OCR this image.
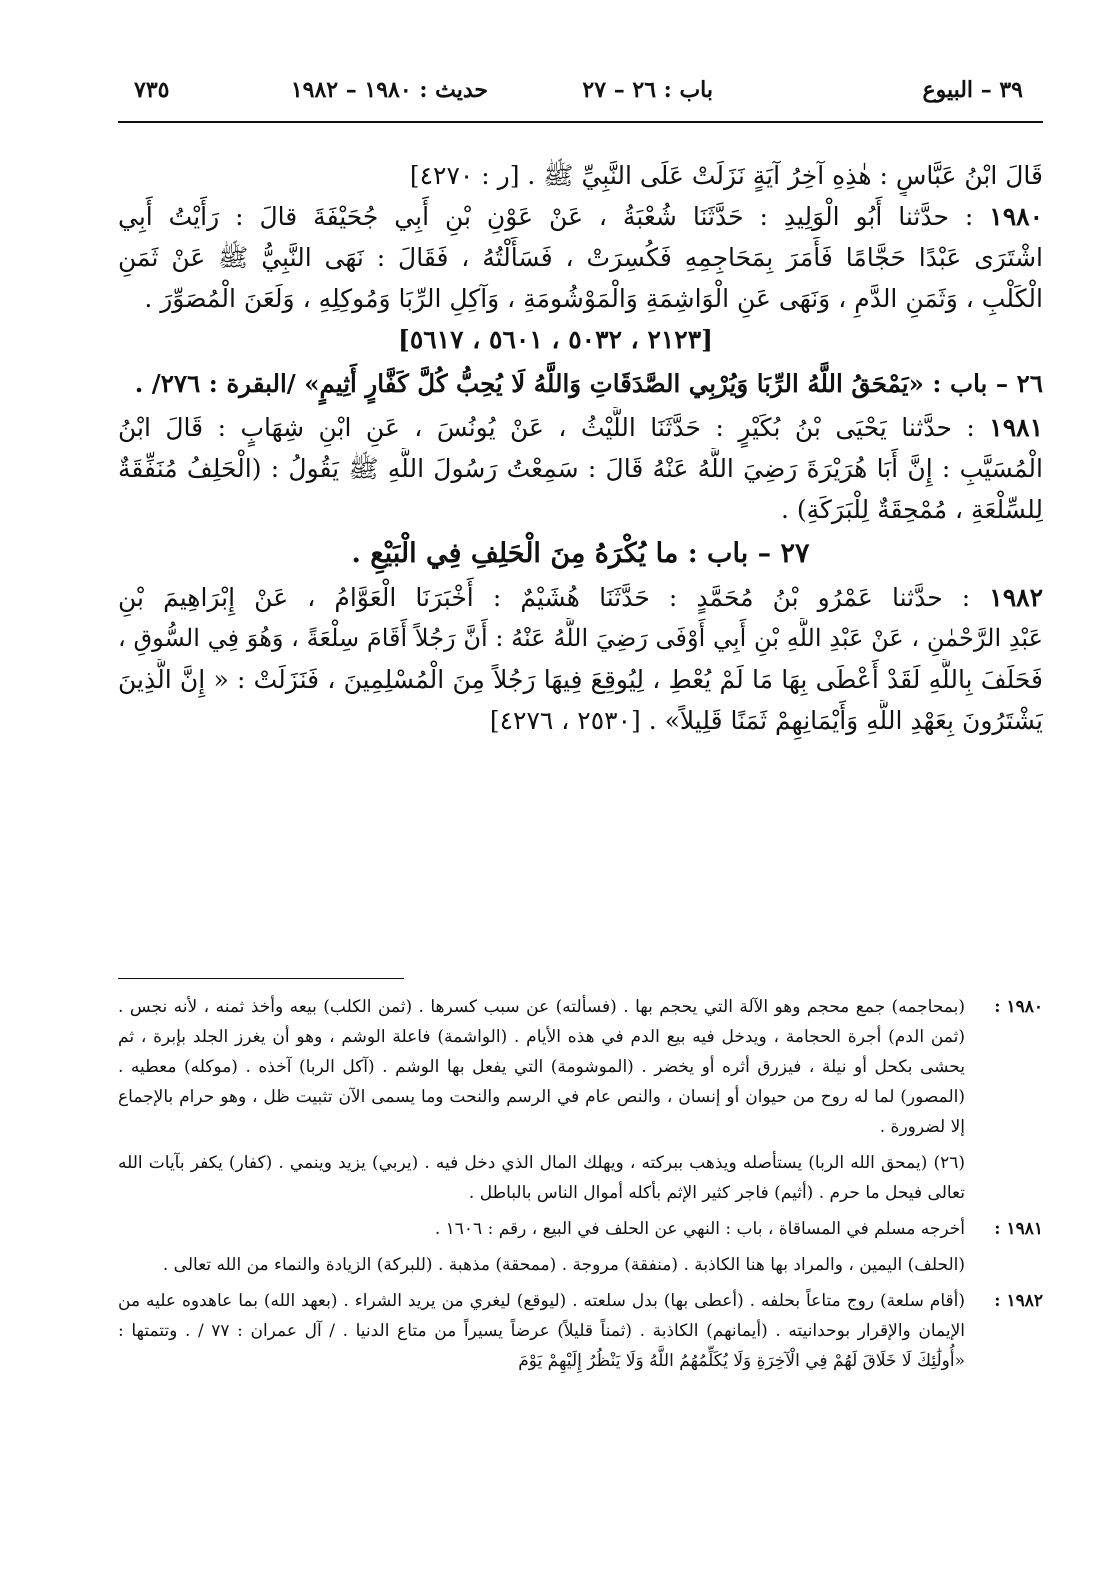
٣٩ – البيوع
باب : ٢٦ – ٢٧
حديث : ١٩٨٠ – ١٩٨٢
٧٣٥
قَالَ ابْنُ عَبَّاسٍ : هٰذِهِ آخِرُ آيَةٍ نَزَلَتْ عَلَى النَّبِيِّ ﷺ . [ر : ٤٢٧٠]
١٩٨٠ : حدَّثنا أَبُو الْوَلِيدِ : حَدَّثَنَا شُعْبَةُ ، عَنْ عَوْنِ بْنِ أَبِي جُحَيْفَةَ قالَ : رَأَيْتُ أَبِي
اشْتَرَى عَبْدًا حَجَّامًا فَأَمَرَ بِمَحَاجِمِهِ فَكُسِرَتْ ، فَسَأَلْتُهُ ، فَقَالَ : نَهَى النَّبِيُّ ﷺ عَنْ ثَمَنِ
الْكَلْبِ ، وَثَمَنِ الدَّمِ ، وَنَهَى عَنِ الْوَاشِمَةِ وَالْمَوْشُومَةِ ، وَآكِلِ الرِّبَا وَمُوكِلِهِ ، وَلَعَنَ الْمُصَوِّرَ .
[٢١٢٣ ، ٥٠٣٢ ، ٥٦٠١ ، ٥٦١٧]
٢٦ – باب : «يَمْحَقُ اللَّهُ الرِّبَا وَيُرْبِي الصَّدَقَاتِ وَاللَّهُ لَا يُحِبُّ كُلَّ كَفَّارٍ أَثِيمٍ» /البقرة : ٢٧٦/ .
١٩٨١ : حدَّثنا يَحْيَى بْنُ بُكَيْرٍ : حَدَّثَنَا اللَّيْثُ ، عَنْ يُونُسَ ، عَنِ ابْنِ شِهَابٍ : قَالَ ابْنُ
الْمُسَيَّبِ : إِنَّ أَبَا هُرَيْرَةَ رَضِيَ اللَّهُ عَنْهُ قَالَ : سَمِعْتُ رَسُولَ اللَّهِ ﷺ يَقُولُ : (الْحَلِفُ مُنَفِّقَةٌ
لِلسِّلْعَةِ ، مُمْحِقَةٌ لِلْبَرَكَةِ) .
٢٧ – باب : ما يُكْرَهُ مِنَ الْحَلِفِ فِي الْبَيْعِ .
١٩٨٢ : حدَّثنا عَمْرُو بْنُ مُحَمَّدٍ : حَدَّثَنَا هُشَيْمٌ : أَخْبَرَنَا الْعَوَّامُ ، عَنْ إِبْرَاهِيمَ بْنِ
عَبْدِ الرَّحْمٰنِ ، عَنْ عَبْدِ اللَّهِ بْنِ أَبِي أَوْفَى رَضِيَ اللَّهُ عَنْهُ : أَنَّ رَجُلاً أَقَامَ سِلْعَةً ، وَهُوَ فِي السُّوقِ ،
فَحَلَفَ بِاللَّهِ لَقَدْ أَعْطَى بِهَا مَا لَمْ يُعْطِ ، لِيُوقِعَ فِيهَا رَجُلاً مِنَ الْمُسْلِمِينَ ، فَنَزَلَتْ : « إِنَّ الَّذِينَ
يَشْتَرُونَ بِعَهْدِ اللَّهِ وَأَيْمَانِهِمْ ثَمَنًا قَلِيلاً» . [٢٥٣٠ ، ٤٢٧٦]
١٩٨٠ :

(بمحاجمه) جمع محجم وهو الآلة التي يحجم بها . (فسألته) عن سبب كسرها . (ثمن الكلب) بيعه وأخذ ثمنه ، لأنه نجس . (ثمن الدم) أجرة الحجامة ، ويدخل فيه بيع الدم في هذه الأيام . (الواشمة) فاعلة الوشم ، وهو أن يغرز الجلد بإبرة ، ثم يحشى بكحل أو نيلة ، فيزرق أثره أو يخضر . (الموشومة) التي يفعل بها الوشم . (آكل الربا) آخذه . (موكله) معطيه . (المصور) لما له روح من حيوان أو إنسان ، والنص عام في الرسم والنحت وما يسمى الآن تثبيت ظل ، وهو حرام بالإجماع إلا لضرورة .

(٢٦) (يمحق الله الربا) يستأصله ويذهب ببركته ، ويهلك المال الذي دخل فيه . (يربي) يزيد وينمي . (كفار) يكفر بآيات الله تعالى فيحل ما حرم . (أثيم) فاجر كثير الإثم بأكله أموال الناس بالباطل .

١٩٨١ :

أخرجه مسلم في المساقاة ، باب : النهي عن الحلف في البيع ، رقم : ١٦٠٦ .

(الحلف) اليمين ، والمراد بها هنا الكاذبة . (منفقة) مروجة . (ممحقة) مذهبة . (للبركة) الزيادة والنماء من الله تعالى .

١٩٨٢ :

(أقام سلعة) روج متاعاً بحلفه . (أعطى بها) بدل سلعته . (ليوقع) ليغري من يريد الشراء . (بعهد الله) بما عاهدوه عليه من الإيمان والإقرار بوحدانيته . (أيمانهم) الكاذبة . (ثمناً قليلاً) عرضاً يسيراً من متاع الدنيا . / آل عمران : ٧٧ / . وتتمتها : «أُولَٰئِكَ لَا خَلَاقَ لَهُمْ فِي الْآخِرَةِ وَلَا يُكَلِّمُهُمُ اللَّهُ وَلَا يَنْظُرُ إِلَيْهِمْ يَوْمَ
